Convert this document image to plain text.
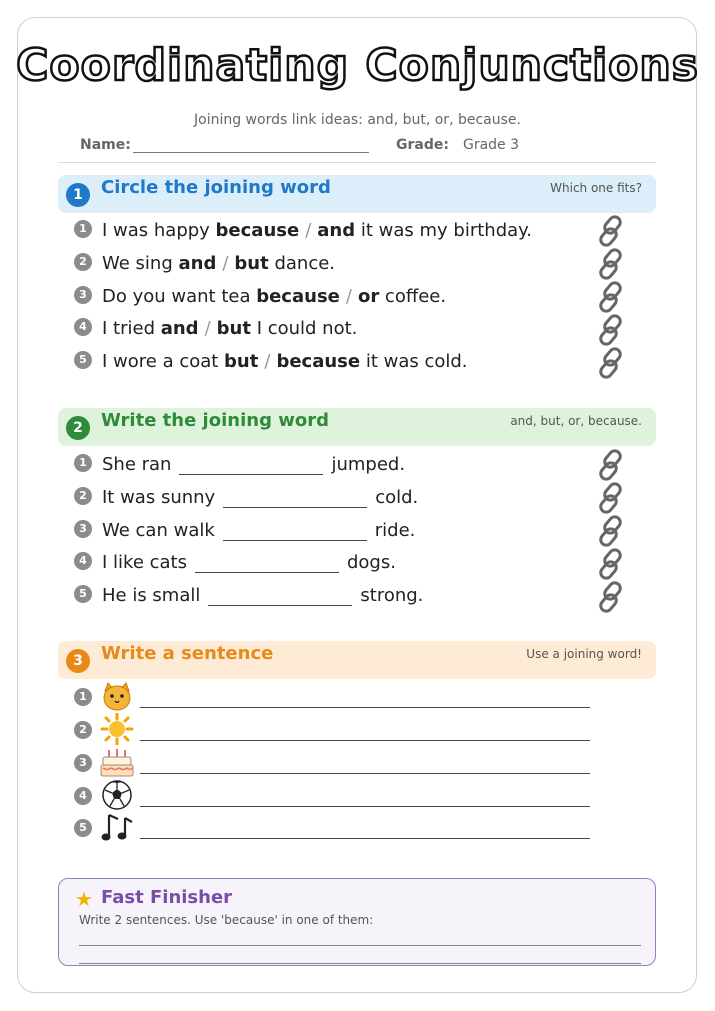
Coordinating Conjunctions
Joining words link ideas: and, but, or, because.
Name:	Grade: Grade 3
1	Circle the joining word	Which one fits?
1 I was happy because / and it was my birthday.
2 We sing and / but dance.
3 Do you want tea because / or coffee.
4 I tried and / but I could not.
5 I wore a coat but / because it was cold.
2	Write the joining word	and, but, or, because.
1 She ran	jumped.
2 It was sunny	cold.
3 We can walk	ride.
4 I like cats	dogs.
5 He is small	strong.
3	Write a sentence	Use a joining word!
1
2
3
4
5
★ Fast Finisher
Write 2 sentences. Use 'because' in one of them:
